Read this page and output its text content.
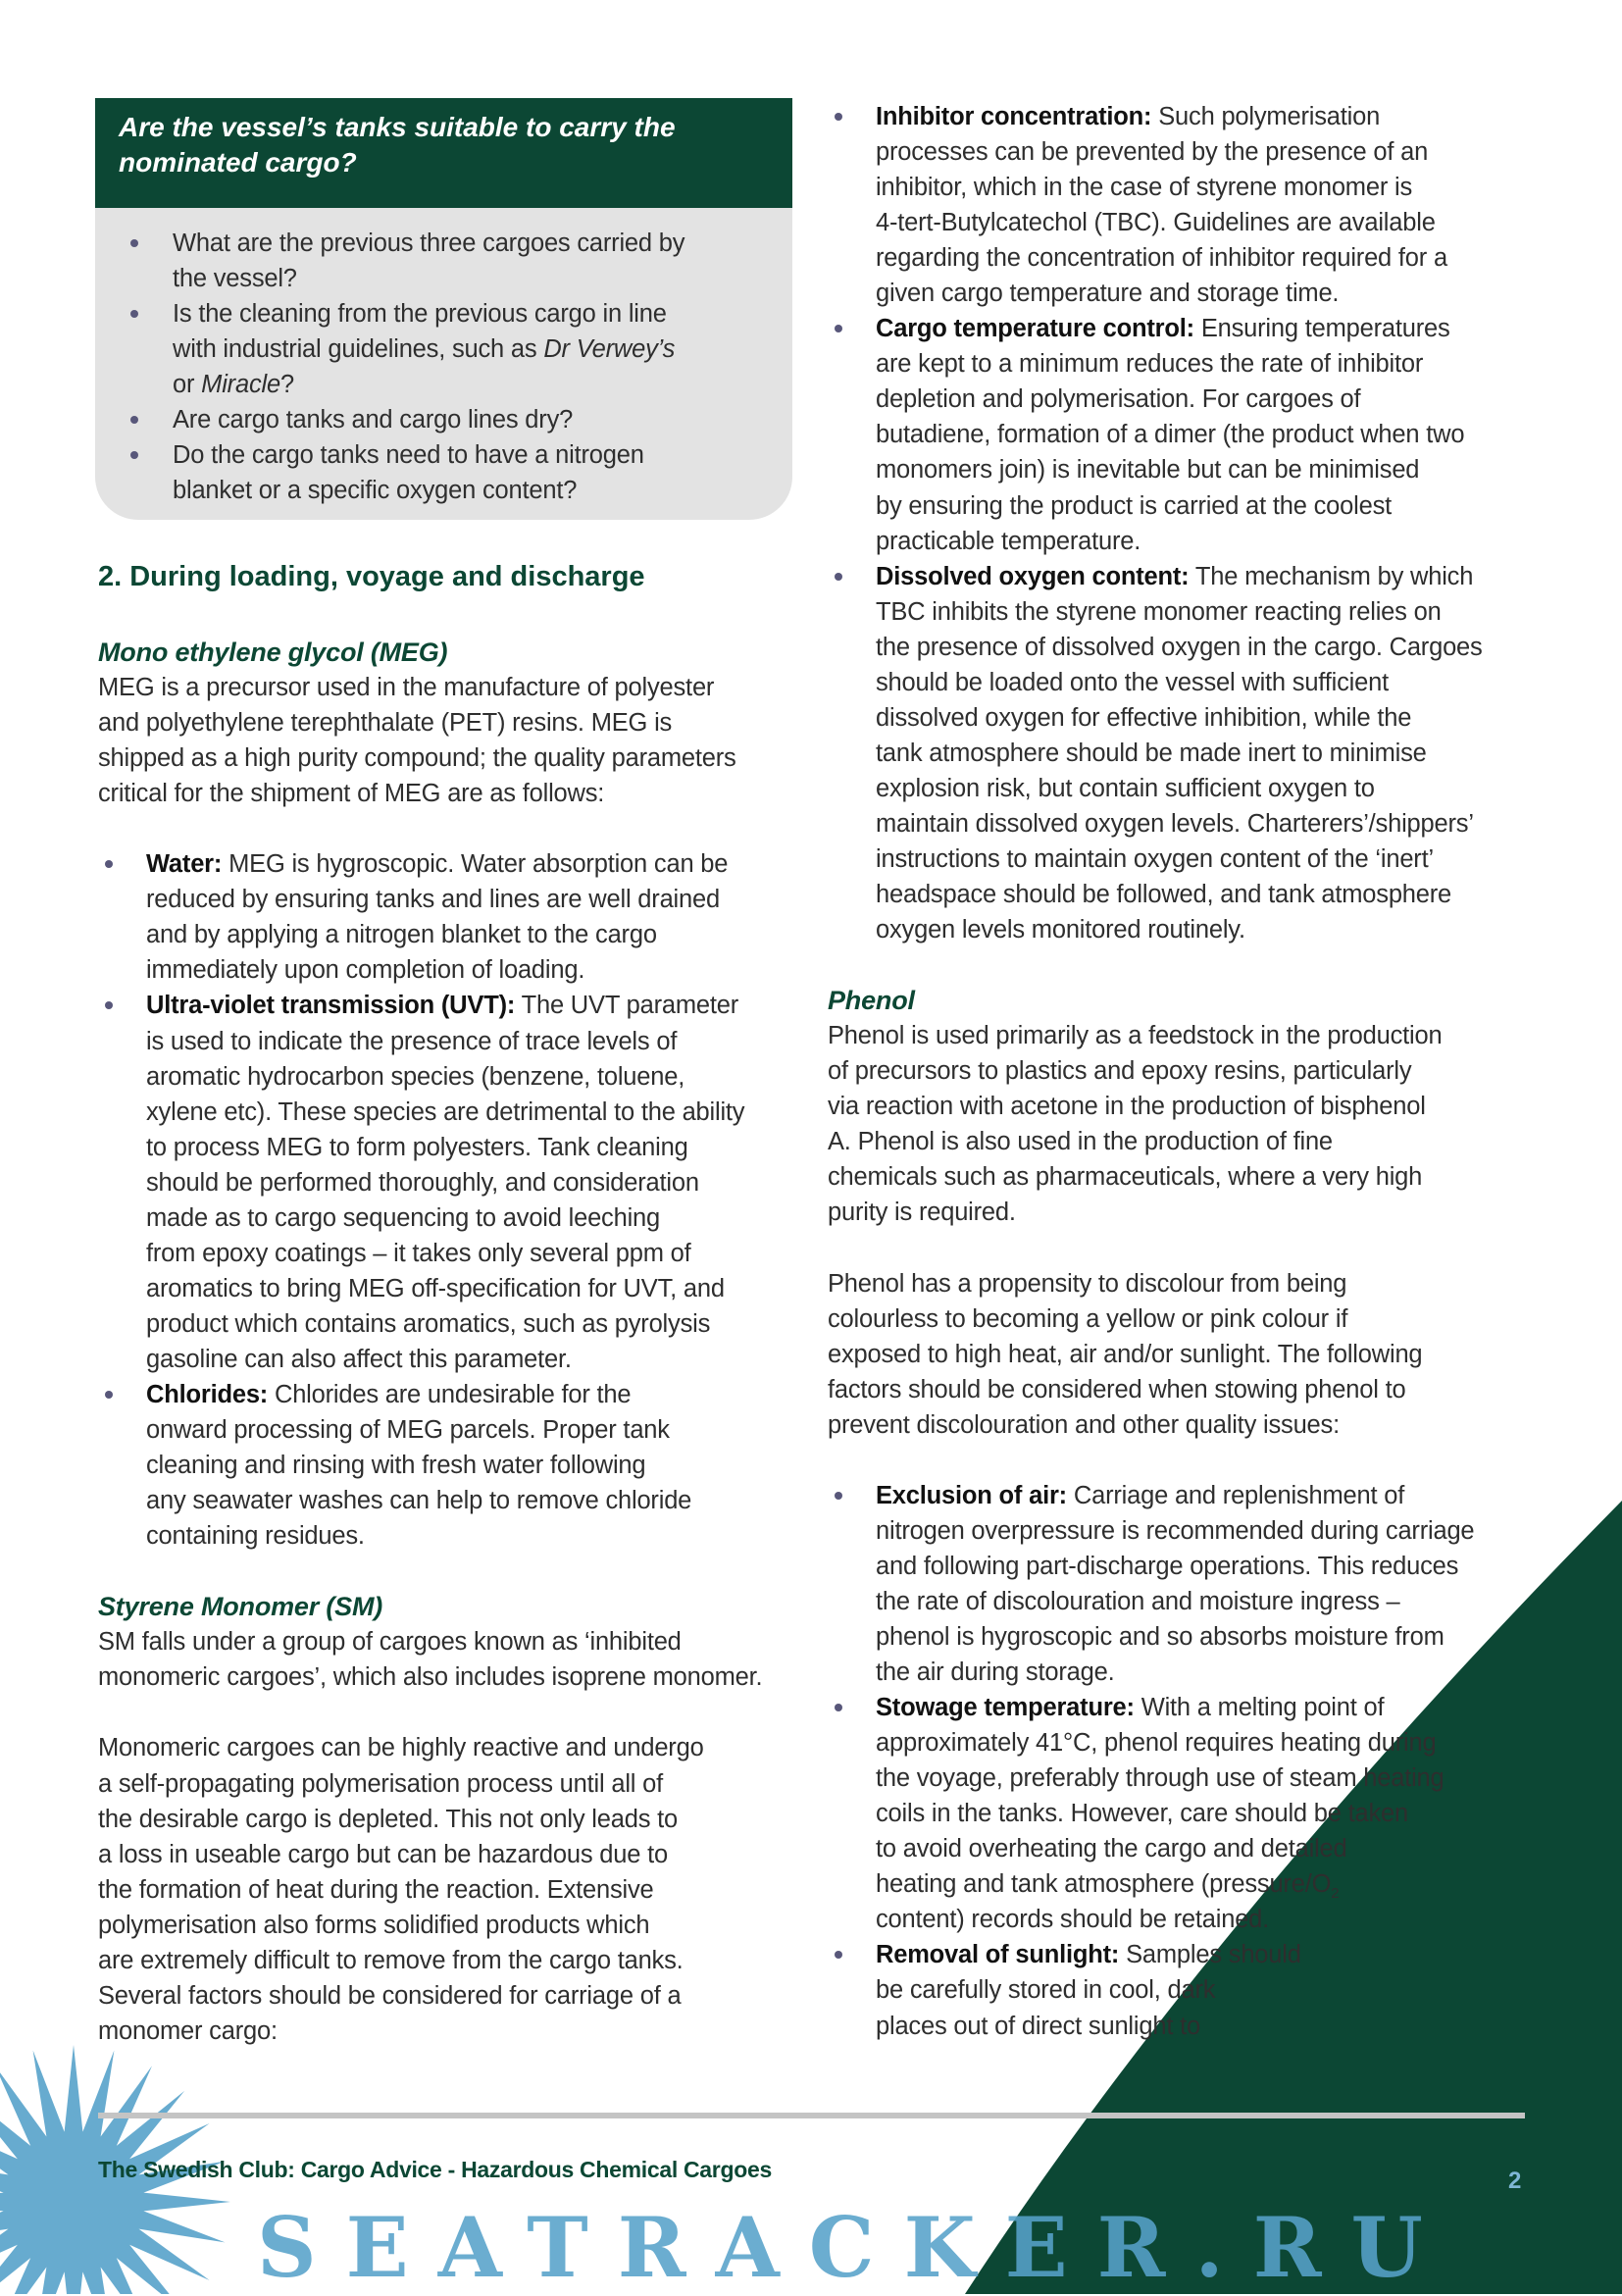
Are the vessel’s tanks suitable to carry the
nominated cargo?
What are the previous three cargoes carried by
the vessel?
Is the cleaning from the previous cargo in line
with industrial guidelines, such as Dr Verwey’s
or Miracle?
Are cargo tanks and cargo lines dry?
Do the cargo tanks need to have a nitrogen
blanket or a specific oxygen content?
2. During loading, voyage and discharge
Mono ethylene glycol (MEG)
MEG is a precursor used in the manufacture of polyester
and polyethylene terephthalate (PET) resins. MEG is
shipped as a high purity compound; the quality parameters
critical for the shipment of MEG are as follows:
Water: MEG is hygroscopic. Water absorption can be
reduced by ensuring tanks and lines are well drained
and by applying a nitrogen blanket to the cargo
immediately upon completion of loading.
Ultra-violet transmission (UVT): The UVT parameter
is used to indicate the presence of trace levels of
aromatic hydrocarbon species (benzene, toluene,
xylene etc). These species are detrimental to the ability
to process MEG to form polyesters. Tank cleaning
should be performed thoroughly, and consideration
made as to cargo sequencing to avoid leeching
from epoxy coatings – it takes only several ppm of
aromatics to bring MEG off-specification for UVT, and
product which contains aromatics, such as pyrolysis
gasoline can also affect this parameter.
Chlorides: Chlorides are undesirable for the
onward processing of MEG parcels. Proper tank
cleaning and rinsing with fresh water following
any seawater washes can help to remove chloride
containing residues.
Styrene Monomer (SM)
SM falls under a group of cargoes known as ‘inhibited
monomeric cargoes’, which also includes isoprene monomer.
Monomeric cargoes can be highly reactive and undergo
a self-propagating polymerisation process until all of
the desirable cargo is depleted. This not only leads to
a loss in useable cargo but can be hazardous due to
the formation of heat during the reaction. Extensive
polymerisation also forms solidified products which
are extremely difficult to remove from the cargo tanks.
Several factors should be considered for carriage of a
monomer cargo:
Inhibitor concentration: Such polymerisation
processes can be prevented by the presence of an
inhibitor, which in the case of styrene monomer is
4-tert-Butylcatechol (TBC). Guidelines are available
regarding the concentration of inhibitor required for a
given cargo temperature and storage time.
Cargo temperature control: Ensuring temperatures
are kept to a minimum reduces the rate of inhibitor
depletion and polymerisation. For cargoes of
butadiene, formation of a dimer (the product when two
monomers join) is inevitable but can be minimised
by ensuring the product is carried at the coolest
practicable temperature.
Dissolved oxygen content: The mechanism by which
TBC inhibits the styrene monomer reacting relies on
the presence of dissolved oxygen in the cargo. Cargoes
should be loaded onto the vessel with sufficient
dissolved oxygen for effective inhibition, while the
tank atmosphere should be made inert to minimise
explosion risk, but contain sufficient oxygen to
maintain dissolved oxygen levels. Charterers’/shippers’
instructions to maintain oxygen content of the ‘inert’
headspace should be followed, and tank atmosphere
oxygen levels monitored routinely.
Phenol
Phenol is used primarily as a feedstock in the production
of precursors to plastics and epoxy resins, particularly
via reaction with acetone in the production of bisphenol
A. Phenol is also used in the production of fine
chemicals such as pharmaceuticals, where a very high
purity is required.
Phenol has a propensity to discolour from being
colourless to becoming a yellow or pink colour if
exposed to high heat, air and/or sunlight. The following
factors should be considered when stowing phenol to
prevent discolouration and other quality issues:
Exclusion of air: Carriage and replenishment of
nitrogen overpressure is recommended during carriage
and following part-discharge operations. This reduces
the rate of discolouration and moisture ingress –
phenol is hygroscopic and so absorbs moisture from
the air during storage.
Stowage temperature: With a melting point of
approximately 41°C, phenol requires heating during
the voyage, preferably through use of steam heating
coils in the tanks. However, care should be taken
to avoid overheating the cargo and detailed
heating and tank atmosphere ($pressure/O_2$
content) records should be retained.
Removal of sunlight: Samples should
be carefully stored in cool, dark
places out of direct sunlight to
The Swedish Club: Cargo Advice - Hazardous Chemical Cargoes	2
SEATRACKER.RU
